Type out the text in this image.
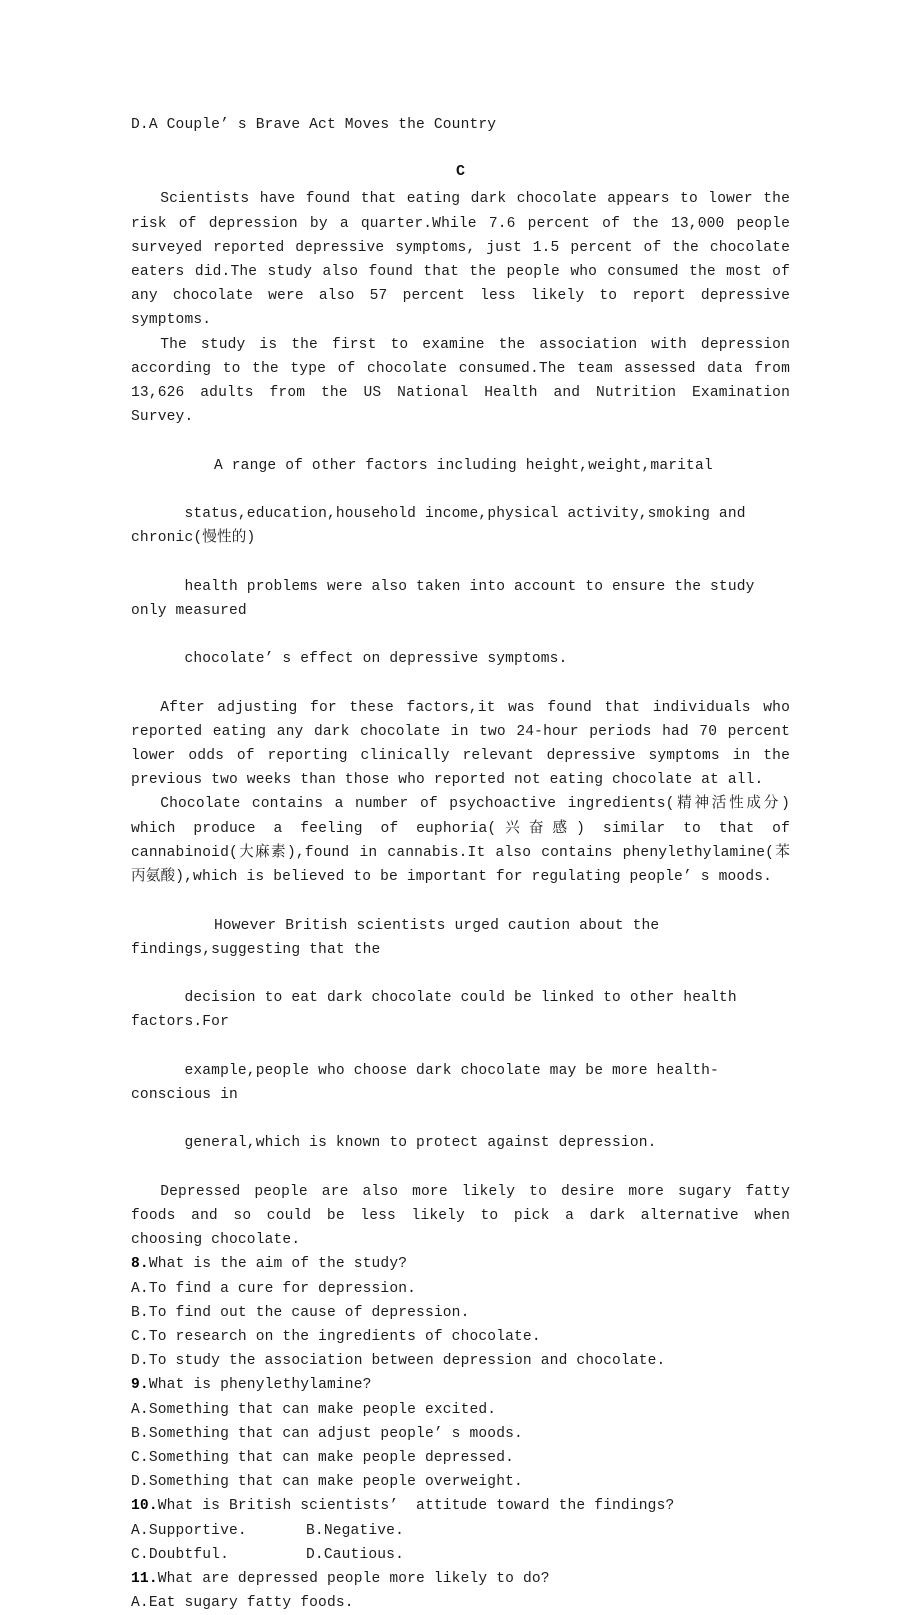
D.A Couple’ s Brave Act Moves the Country

C

Scientists have found that eating dark chocolate appears to lower the risk of depression by a quarter.While 7.6 percent of the 13,000 people surveyed reported depressive symptoms, just 1.5 percent of the chocolate eaters did.The study also found that the people who consumed the most of any chocolate were also 57 percent less likely to report depressive symptoms.

The study is the first to examine the association with depression according to the type of chocolate consumed.The team assessed data from 13,626 adults from the US National Health and Nutrition Examination Survey.

  A range of other factors including height,weight,marital

status,education,household income,physical activity,smoking and chronic(慢性的)

health problems were also taken into account to ensure the study only measured

chocolate’ s effect on depressive symptoms.

After adjusting for these factors,it was found that individuals who reported eating any dark chocolate in two 24-hour periods had 70 percent lower odds of reporting clinically relevant depressive symptoms in the previous two weeks than those who reported not eating chocolate at all.

Chocolate contains a number of psychoactive ingredients(精神活性成分) which produce a feeling of euphoria(兴奋感) similar to that of cannabinoid(大麻素),found in cannabis.It also contains phenylethylamine(苯丙氨酸),which is believed to be important for regulating people’ s moods.

  However British scientists urged caution about the findings,suggesting that the

decision to eat dark chocolate could be linked to other health factors.For

example,people who choose dark chocolate may be more health-conscious in

general,which is known to protect against depression.

Depressed people are also more likely to desire more sugary fatty foods and so could be less likely to pick a dark alternative when choosing chocolate.

8.What is the aim of the study?

A.To find a cure for depression.

B.To find out the cause of depression.

C.To research on the ingredients of chocolate.

D.To study the association between depression and chocolate.

9.What is phenylethylamine?

A.Something that can make people excited.

B.Something that can adjust people’ s moods.

C.Something that can make people depressed.

D.Something that can make people overweight.

10.What is British scientists’  attitude toward the findings?

A.Supportive.	B.Negative.
C.Doubtful.	D.Cautious.

11.What are depressed people more likely to do?

A.Eat sugary fatty foods.
